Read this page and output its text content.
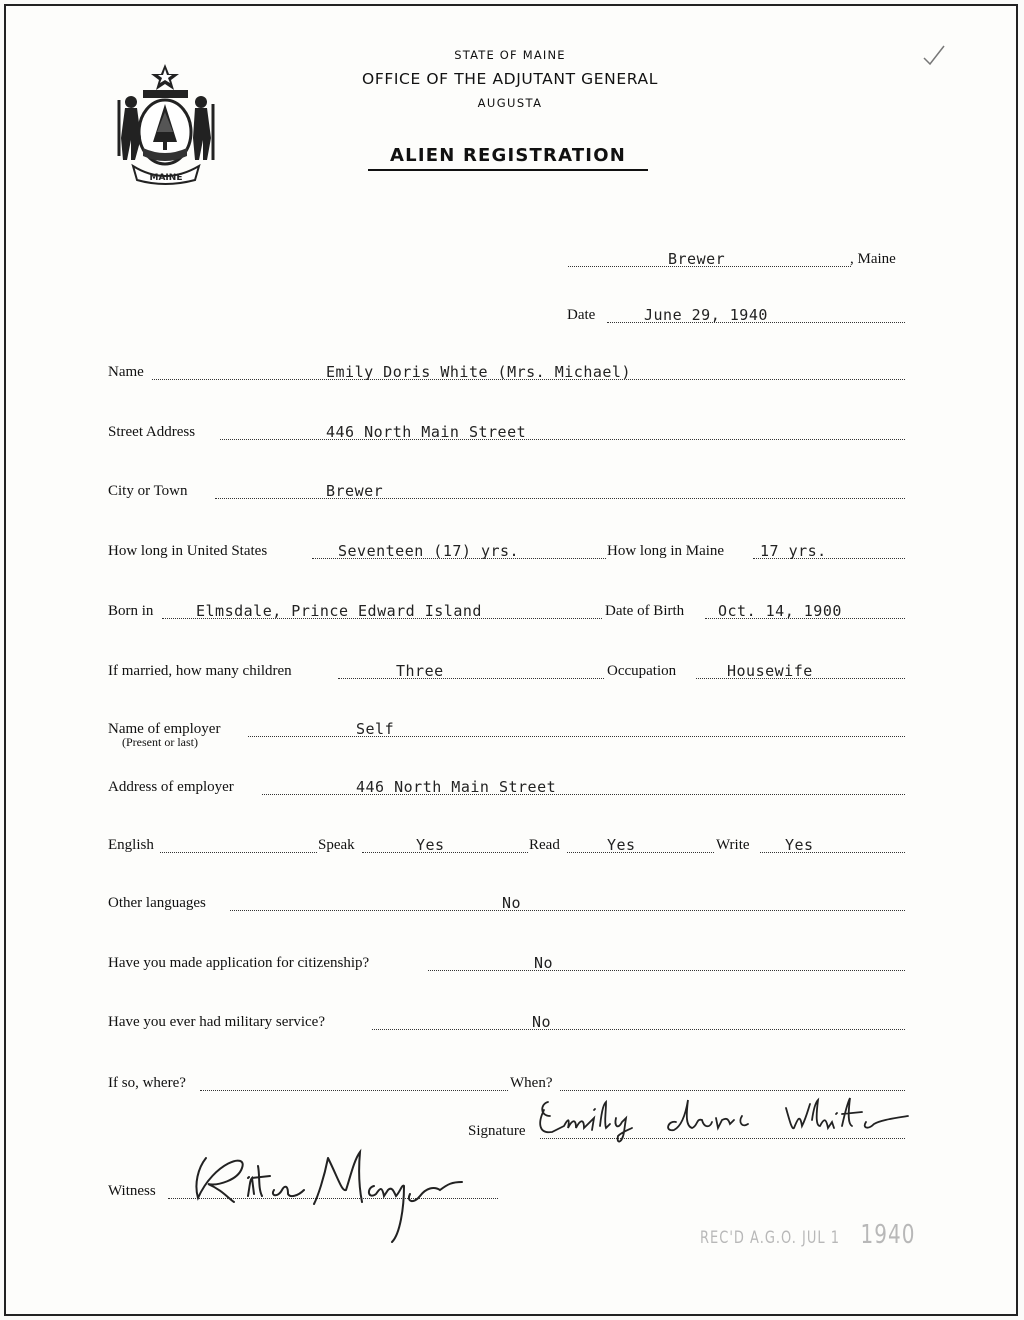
MAINE
STATE OF MAINE
OFFICE OF THE ADJUTANT GENERAL
AUGUSTA
ALIEN REGISTRATION
Brewer	, Maine
Date	June 29, 1940
Name	Emily Doris White (Mrs. Michael)
Street Address	446 North Main Street
City or Town	Brewer
How long in United States	Seventeen (17) yrs.	How long in Maine 17 yrs.
Born in	Elmsdale, Prince Edward Island	Date of Birth Oct. 14, 1900
If married, how many children	Three	Occupation	Housewife
Name of employer	Self
(Present or last)
Address of employer	446 North Main Street
English	Speak	Yes	Read	Yes	Write Yes
Other languages	No
Have you made application for citizenship?	No
Have you ever had military service?	No
If so, where?	When?
Signature
Witness
REC'D A.G.O. JUL 1 1940
